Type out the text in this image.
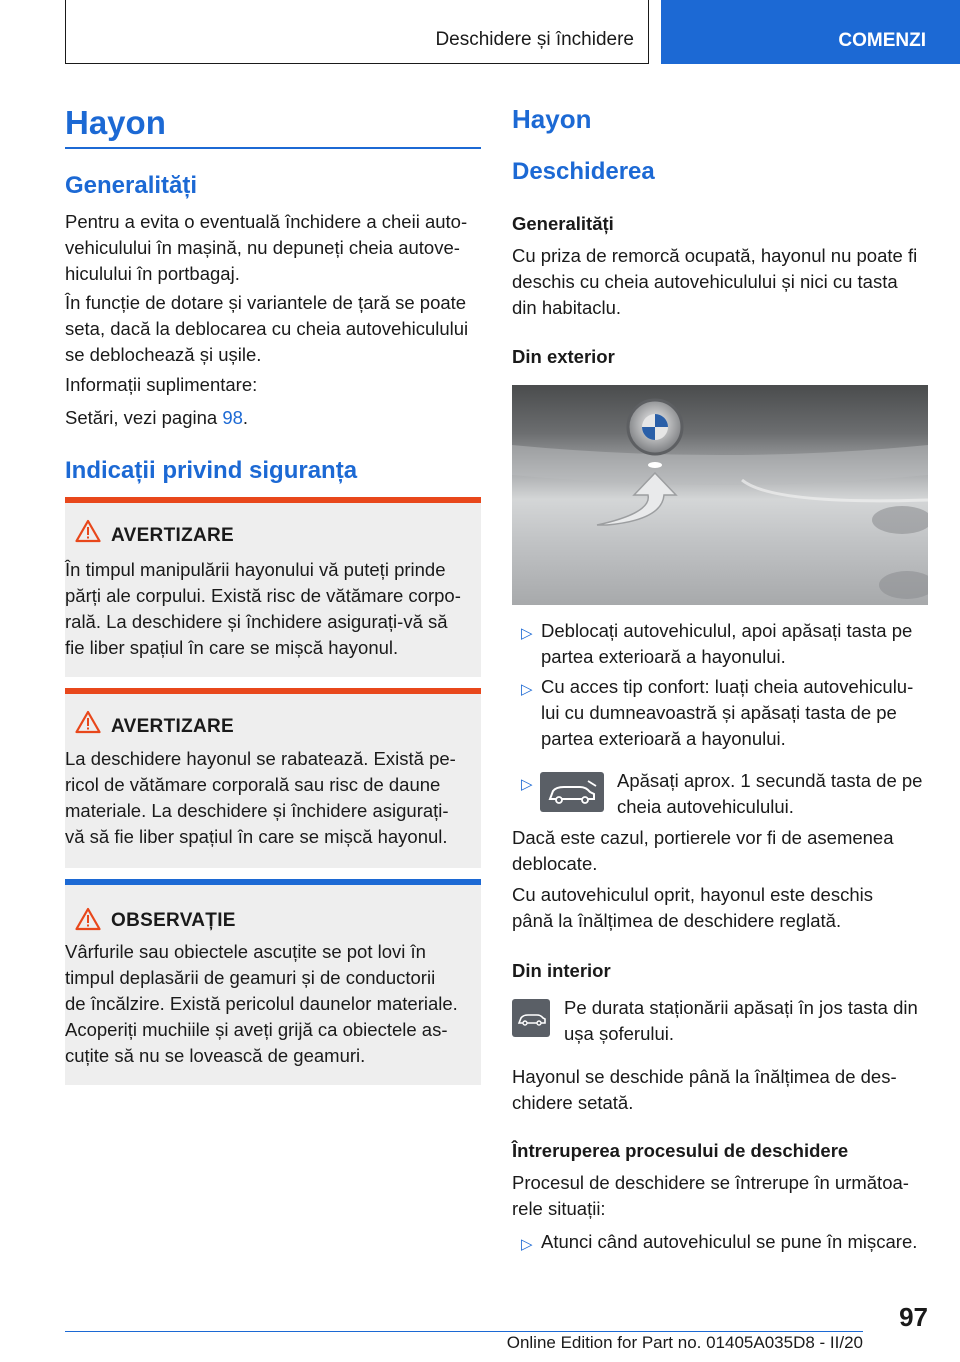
Deschidere și închidere	COMENZI
Hayon
Generalități
Pentru a evita o eventuală închidere a cheii auto‐
vehiculului în mașină, nu depuneți cheia autove‐
hiculului în portbagaj.
În funcție de dotare și variantele de țară se poate
seta, dacă la deblocarea cu cheia autovehiculului
se deblochează și ușile.
Informații suplimentare:
Setări, vezi pagina 98.
Indicații privind siguranța
AVERTIZARE
În timpul manipulării hayonului vă puteți prinde
părți ale corpului. Există risc de vătămare corpo‐
rală. La deschidere și închidere asigurați-vă să
fie liber spațiul în care se mișcă hayonul.
AVERTIZARE
La deschidere hayonul se rabatează. Există pe‐
ricol de vătămare corporală sau risc de daune
materiale. La deschidere și închidere asigurați-
vă să fie liber spațiul în care se mișcă hayonul.
OBSERVAȚIE
Vârfurile sau obiectele ascuțite se pot lovi în
timpul deplasării de geamuri și de conductorii
de încălzire. Există pericolul daunelor materiale.
Acoperiți muchiile și aveți grijă ca obiectele as‐
cuțite să nu se lovească de geamuri.
Hayon
Deschiderea
Generalități
Cu priza de remorcă ocupată, hayonul nu poate fi
deschis cu cheia autovehiculului și nici cu tasta
din habitaclu.
Din exterior
▷ Deblocați autovehiculul, apoi apăsați tasta pe
partea exterioară a hayonului.
▷ Cu acces tip confort: luați cheia autovehiculu‐
lui cu dumneavoastră și apăsați tasta de pe
partea exterioară a hayonului.
▷	Apăsați aprox. 1 secundă tasta de pe
cheia autovehiculului.
Dacă este cazul, portierele vor fi de asemenea
deblocate.
Cu autovehiculul oprit, hayonul este deschis
până la înălțimea de deschidere reglată.
Din interior
Pe durata staționării apăsați în jos tasta din
ușa șoferului.
Hayonul se deschide până la înălțimea de des‐
chidere setată.
Întreruperea procesului de deschidere
Procesul de deschidere se întrerupe în următoa‐
rele situații:
▷ Atunci când autovehiculul se pune în mișcare.
97
Online Edition for Part no. 01405A035D8 - II/20
